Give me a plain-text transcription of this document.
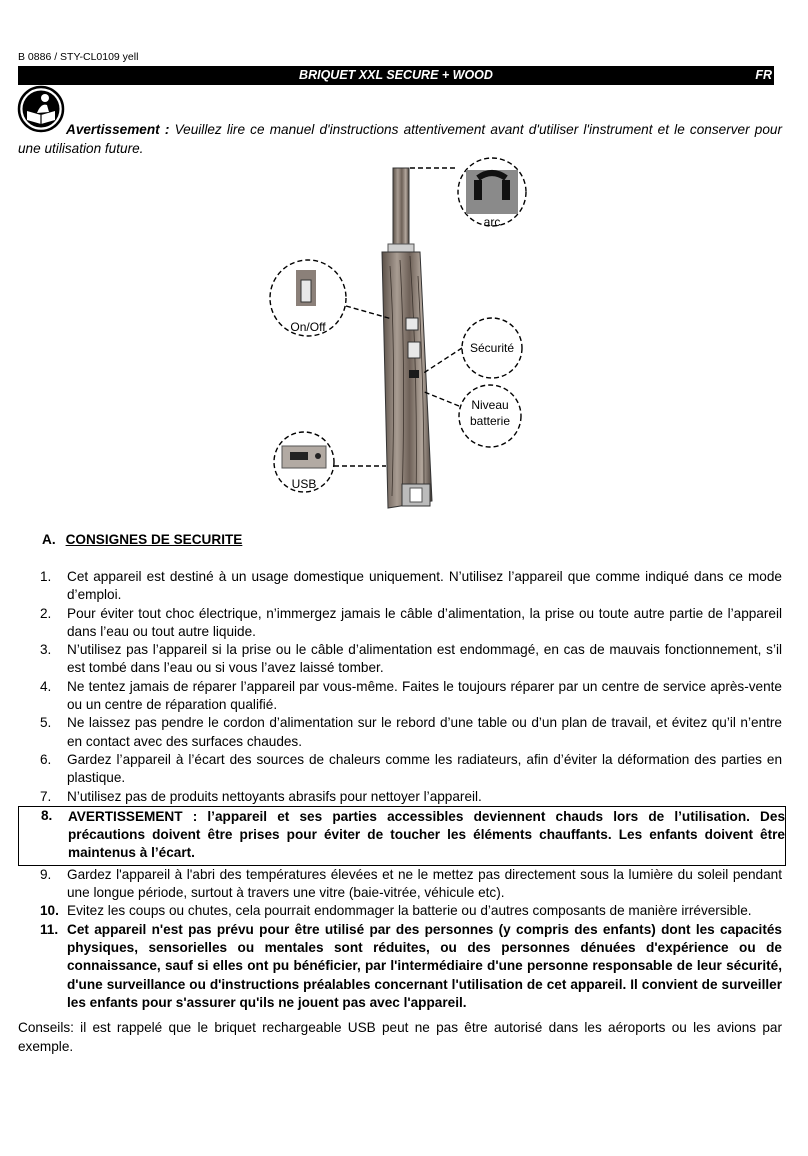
B 0886 / STY-CL0109 yell
BRIQUET XXL SECURE + WOOD	FR
Avertissement : Veuillez lire ce manuel d'instructions attentivement avant d'utiliser l'instrument et le conserver pour une utilisation future.
arc
On/Off
Sécurité
Niveau
batterie
USB
A. CONSIGNES DE SECURITE
1. Cet appareil est destiné à un usage domestique uniquement. N’utilisez l’appareil que comme indiqué dans ce mode d’emploi.
2. Pour éviter tout choc électrique, n’immergez jamais le câble d’alimentation, la prise ou toute autre partie de l’appareil dans l’eau ou tout autre liquide.
3. N’utilisez pas l’appareil si la prise ou le câble d’alimentation est endommagé, en cas de mauvais fonctionnement, s’il est tombé dans l’eau ou si vous l’avez laissé tomber.
4. Ne tentez jamais de réparer l’appareil par vous-même. Faites le toujours réparer par un centre de service après-vente ou un centre de réparation qualifié.
5. Ne laissez pas pendre le cordon d’alimentation sur le rebord d’une table ou d’un plan de travail, et évitez qu’il n’entre en contact avec des surfaces chaudes.
6. Gardez l’appareil à l’écart des sources de chaleurs comme les radiateurs, afin d’éviter la déformation des parties en plastique.
7. N’utilisez pas de produits nettoyants abrasifs pour nettoyer l’appareil.
8. AVERTISSEMENT : l’appareil et ses parties accessibles deviennent chauds lors de l’utilisation. Des précautions doivent être prises pour éviter de toucher les éléments chauffants. Les enfants doivent être maintenus à l’écart.
9. Gardez l'appareil à l'abri des températures élevées et ne le mettez pas directement sous la lumière du soleil pendant une longue période, surtout à travers une vitre (baie-vitrée, véhicule etc).
10. Evitez les coups ou chutes, cela pourrait endommager la batterie ou d’autres composants de manière irréversible.
11. Cet appareil n'est pas prévu pour être utilisé par des personnes (y compris des enfants) dont les capacités physiques, sensorielles ou mentales sont réduites, ou des personnes dénuées d'expérience ou de connaissance, sauf si elles ont pu bénéficier, par l'intermédiaire d'une personne responsable de leur sécurité, d'une surveillance ou d'instructions préalables concernant l'utilisation de cet appareil. Il convient de surveiller les enfants pour s'assurer qu'ils ne jouent pas avec l'appareil.
Conseils: il est rappelé que le briquet rechargeable USB peut ne pas être autorisé dans les aéroports ou les avions par exemple.
